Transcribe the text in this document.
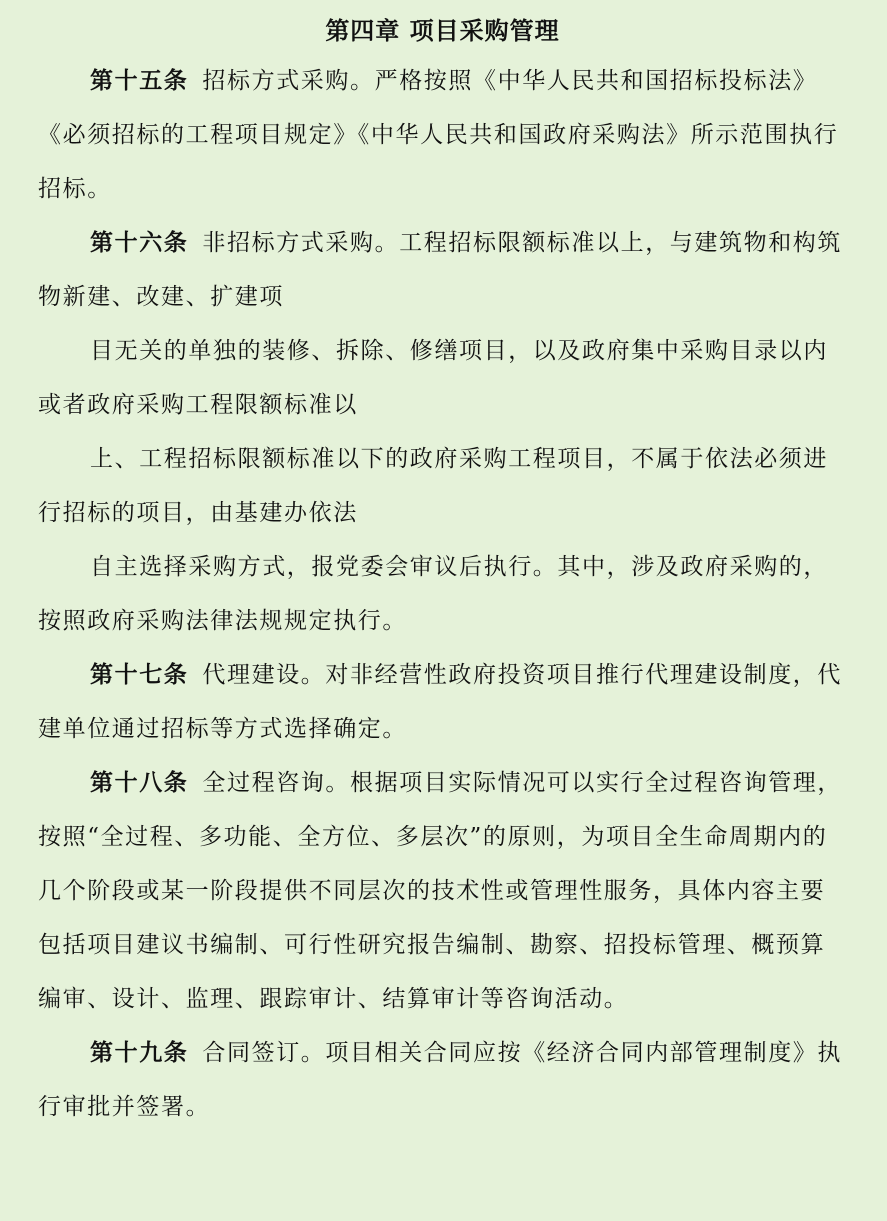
第四章 项目采购管理

第十五条 招标方式采购。严格按照《中华人民共和国招标投标法》《必须招标的工程项目规定》《中华人民共和国政府采购法》所示范围执行招标。

第十六条 非招标方式采购。工程招标限额标准以上，与建筑物和构筑物新建、改建、扩建项

目无关的单独的装修、拆除、修缮项目，以及政府集中采购目录以内或者政府采购工程限额标准以

上、工程招标限额标准以下的政府采购工程项目，不属于依法必须进行招标的项目，由基建办依法

自主选择采购方式，报党委会审议后执行。其中，涉及政府采购的，按照政府采购法律法规规定执行。

第十七条 代理建设。对非经营性政府投资项目推行代理建设制度，代建单位通过招标等方式选择确定。

第十八条 全过程咨询。根据项目实际情况可以实行全过程咨询管理，按照“全过程、多功能、全方位、多层次”的原则，为项目全生命周期内的几个阶段或某一阶段提供不同层次的技术性或管理性服务，具体内容主要包括项目建议书编制、可行性研究报告编制、勘察、招投标管理、概预算编审、设计、监理、跟踪审计、结算审计等咨询活动。

第十九条 合同签订。项目相关合同应按《经济合同内部管理制度》执行审批并签署。
